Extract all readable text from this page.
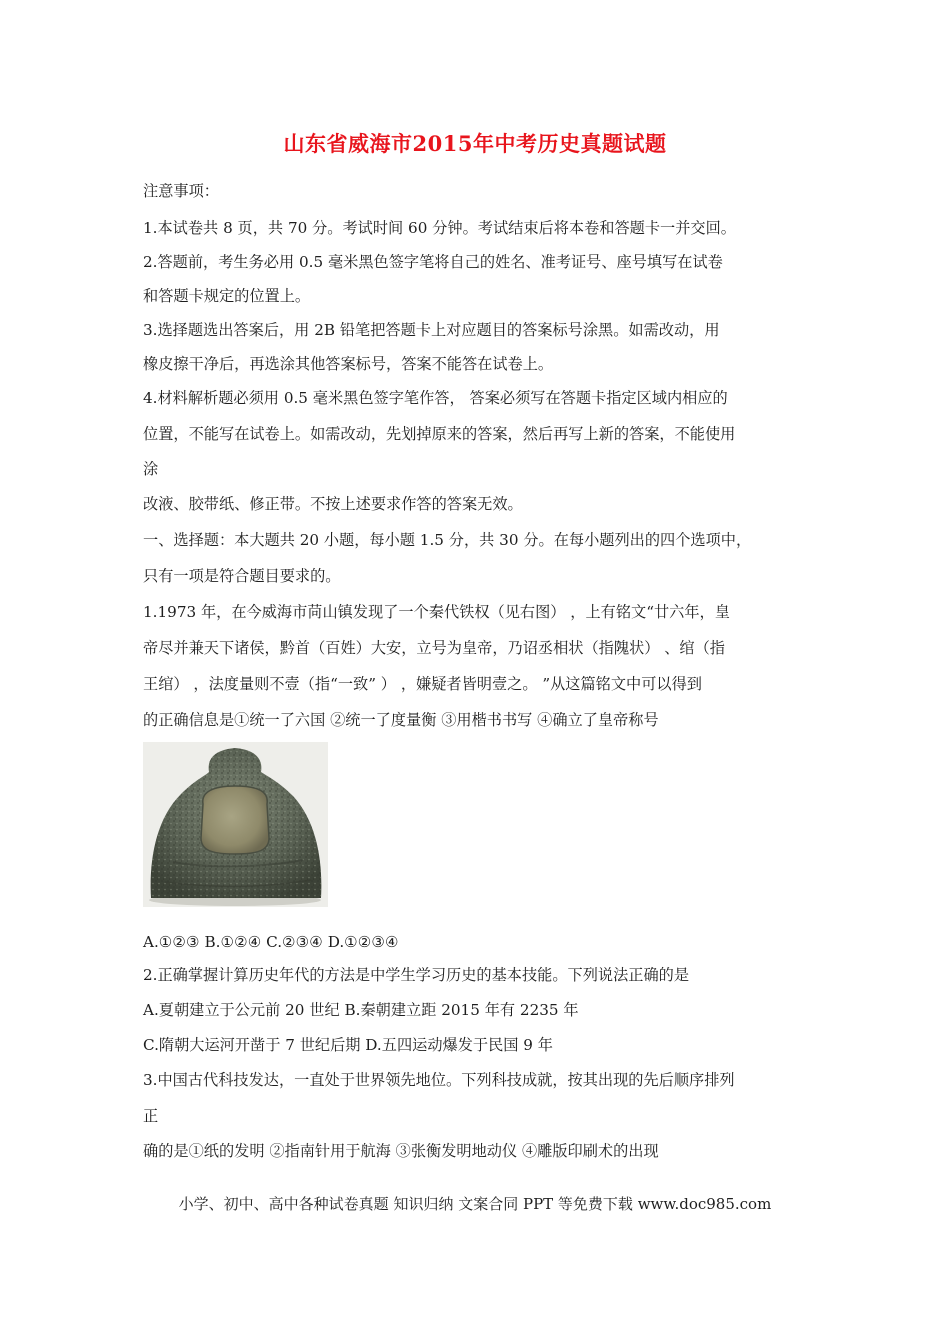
山东省威海市2015年中考历史真题试题
注意事项：
1.本试卷共 8 页，共 70 分。考试时间 60 分钟。考试结束后将本卷和答题卡一并交回。
2.答题前，考生务必用 0.5 毫米黑色签字笔将自己的姓名、准考证号、座号填写在试卷
和答题卡规定的位置上。
3.选择题选出答案后，用 2B 铅笔把答题卡上对应题目的答案标号涂黑。如需改动，用
橡皮擦干净后，再选涂其他答案标号，答案不能答在试卷上。
4.材料解析题必须用 0.5 毫米黑色签字笔作答， 答案必须写在答题卡指定区域内相应的
位置，不能写在试卷上。如需改动，先划掉原来的答案，然后再写上新的答案，不能使用
涂
改液、胶带纸、修正带。不按上述要求作答的答案无效。
一、选择题：本大题共 20 小题，每小题 1.5 分，共 30 分。在每小题列出的四个选项中，
只有一项是符合题目要求的。
1.1973 年，在今威海市苘山镇发现了一个秦代铁权（见右图） ，上有铭文“廿六年，皇
帝尽并兼天下诸侯，黔首（百姓）大安，立号为皇帝，乃诏丞相状（指隗状） 、绾（指
王绾） ，法度量则不壹（指“一致” ） ，嫌疑者皆明壹之。 ”从这篇铭文中可以得到
的正确信息是①统一了六国 ②统一了度量衡 ③用楷书书写 ④确立了皇帝称号
A.①②③ B.①②④ C.②③④ D.①②③④
2.正确掌握计算历史年代的方法是中学生学习历史的基本技能。下列说法正确的是
A.夏朝建立于公元前 20 世纪 B.秦朝建立距 2015 年有 2235 年
C.隋朝大运河开凿于 7 世纪后期 D.五四运动爆发于民国 9 年
3.中国古代科技发达，一直处于世界领先地位。下列科技成就，按其出现的先后顺序排列
正
确的是①纸的发明 ②指南针用于航海 ③张衡发明地动仪 ④雕版印刷术的出现
小学、初中、高中各种试卷真题 知识归纳 文案合同 PPT 等免费下载 www.doc985.com
